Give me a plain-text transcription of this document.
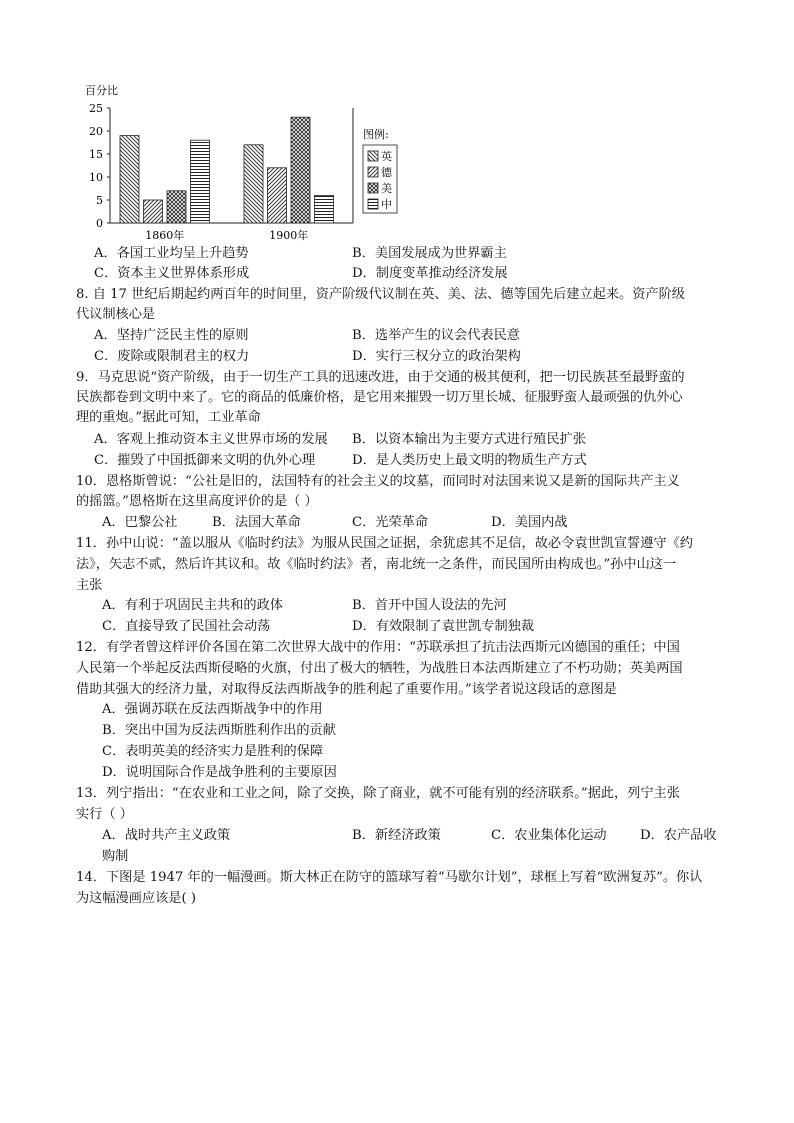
百分比
0
5
10
15
20
25
1860年	1900年
图例:
英
德
美
中
A．各国工业均呈上升趋势	B．美国发展成为世界霸主
C．资本主义世界体系形成	D．制度变革推动经济发展
8. 自 17 世纪后期起约两百年的时间里，资产阶级代议制在英、美、法、德等国先后建立起来。资产阶级
代议制核心是
A．坚持广泛民主性的原则	B．选举产生的议会代表民意
C．废除或限制君主的权力	D．实行三权分立的政治架构
9．马克思说“资产阶级，由于一切生产工具的迅速改进，由于交通的极其便利，把一切民族甚至最野蛮的
民族都卷到文明中来了。它的商品的低廉价格，是它用来摧毁一切万里长城、征服野蛮人最顽强的仇外心
理的重炮。”据此可知，工业革命
A．客观上推动资本主义世界市场的发展 B．以资本输出为主要方式进行殖民扩张
C．摧毁了中国抵御来文明的仇外心理	D．是人类历史上最文明的物质生产方式
10．恩格斯曾说：“公社是旧的，法国特有的社会主义的坟墓，而同时对法国来说又是新的国际共产主义
的摇篮。”恩格斯在这里高度评价的是（ ）
A．巴黎公社	B．法国大革命	C．光荣革命	D．美国内战
11．孙中山说：“盖以服从《临时约法》为服从民国之证据，余犹虑其不足信，故必令袁世凯宣誓遵守《约
法》，矢志不贰，然后许其议和。故《临时约法》者，南北统一之条件，而民国所由构成也。”孙中山这一
主张
A．有利于巩固民主共和的政体	B．首开中国人设法的先河
C．直接导致了民国社会动荡	D．有效限制了袁世凯专制独裁
12．有学者曾这样评价各国在第二次世界大战中的作用：“苏联承担了抗击法西斯元凶德国的重任；中国
人民第一个举起反法西斯侵略的火旗，付出了极大的牺牲，为战胜日本法西斯建立了不朽功勋；英美两国
借助其强大的经济力量，对取得反法西斯战争的胜利起了重要作用。”该学者说这段话的意图是
A．强调苏联在反法西斯战争中的作用
B．突出中国为反法西斯胜利作出的贡献
C．表明英美的经济实力是胜利的保障
D．说明国际合作是战争胜利的主要原因
13．列宁指出：“在农业和工业之间，除了交换，除了商业，就不可能有别的经济联系。”据此，列宁主张
实行（ ）
A．战时共产主义政策	B．新经济政策	C．农业集体化运动	D．农产品收
购制
14．下图是 1947 年的一幅漫画。斯大林正在防守的篮球写着“马歇尔计划”，球框上写着“欧洲复苏”。你认
为这幅漫画应该是( )
